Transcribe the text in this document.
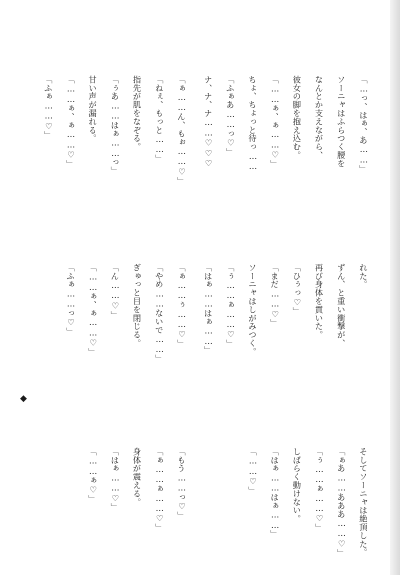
「…っ、はぁ、あ……」

ソーニャはふらつく腰を

なんとか支えながら、

彼女の脚を抱え込む。

「……ぁ、ぁ……♡」

ちょ、ちょっと待っ……

「ふぁあ……っ♡」

ナ、ナ、ナ……♡♡♡

「ぁ……ん、もぉ……♡」

「ねぇ、もっと……」

指先が肌をなぞる。

「ぅあ……はぁ……っ」

甘い声が漏れる。

「……ぁ、ぁ……♡」

「ふぁ……♡」

れた。

ずん、と重い衝撃が、

再び身体を貫いた。

「ひぅっ♡」

「まだ……♡」

ソーニャはしがみつく。

「ぅ……ぁ……♡」

「はぁ……はぁ……」

「ぁ……ぅ……♡」

「やめ……ないで……」

ぎゅっと目を閉じる。

「ん……♡」

「……ぁ、ぁ……♡」

「ふぁ……っ♡」

そしてソーニャは絶頂した。

「ぁあ……あああ……♡」

「ぅ……ぁ……♡」

しばらく動けない。

「はぁ……はぁ……」

「……♡」

「もう……っ♡」

「ぁ……ぁ……♡」

身体が震える。

「はぁ……♡」

「……ぁ♡」

◆
